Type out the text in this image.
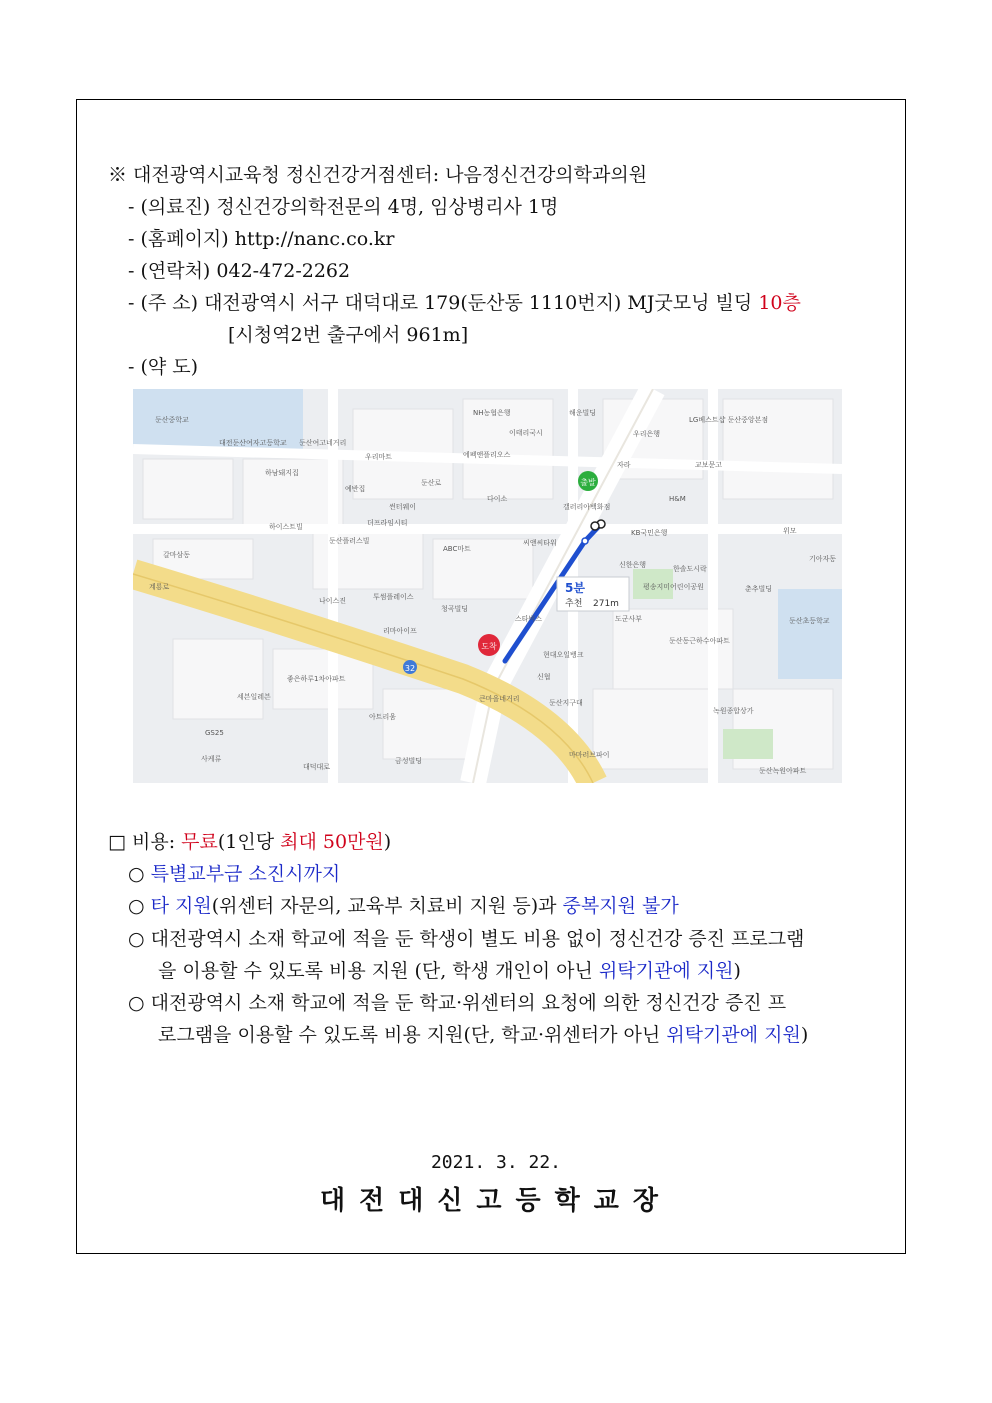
※ 대전광역시교육청 정신건강거점센터: 나음정신건강의학과의원
- (의료진) 정신건강의학전문의 4명, 임상병리사 1명
- (홈페이지) http://nanc.co.kr
- (연락처) 042-472-2262
- (주 소) 대전광역시 서구 대덕대로 179(둔산동 1110번지) MJ굿모닝 빌딩 10층
[시청역2번 출구에서 961m]
- (약 도)
32
출발
도착
5분
추천 271m
둔산중학교
NH농협은행	해운빌딩
우리은행
LG베스트샵 둔산중앙본점
이태리국시
우리마트	에펙앤플리오스
자라	교보문고
대전둔산여자고등학교 둔산여고네거리
하남돼지집
예반집
다이소
갤러리아백화점
H&M
하이스트빌	더프라임시티
둔산플러스빌
ABC마트
씨앤씨타워
KB국민은행
신한은행
위모
기아자동
한솔도시락
평송지미어린이공원	춘추빌딩
둔산초등학교
나이스진	투썸플레이스
청곡빌딩
스타벅스
리마아이프
도군사부
둔산동근하수아파트
좋은하루1차아파트
세븐일레븐
현대오일뱅크
신협
큰마을네거리	둔산지구대
아트리움
녹원종합상가
GS25
사케류	금성빌딩
마마러브파이
둔산녹원아파트
계룡로
대덕대로
둔산로
썬터웨이
갈마삼동
□ 비용: 무료(1인당 최대 50만원)
○ 특별교부금 소진시까지
○ 타 지원(위센터 자문의, 교육부 치료비 지원 등)과 중복지원 불가
○ 대전광역시 소재 학교에 적을 둔 학생이 별도 비용 없이 정신건강 증진 프로그램
을 이용할 수 있도록 비용 지원 (단, 학생 개인이 아닌 위탁기관에 지원)
○ 대전광역시 소재 학교에 적을 둔 학교·위센터의 요청에 의한 정신건강 증진 프
로그램을 이용할 수 있도록 비용 지원(단, 학교·위센터가 아닌 위탁기관에 지원)
2021. 3. 22.
대전대신고등학교장
